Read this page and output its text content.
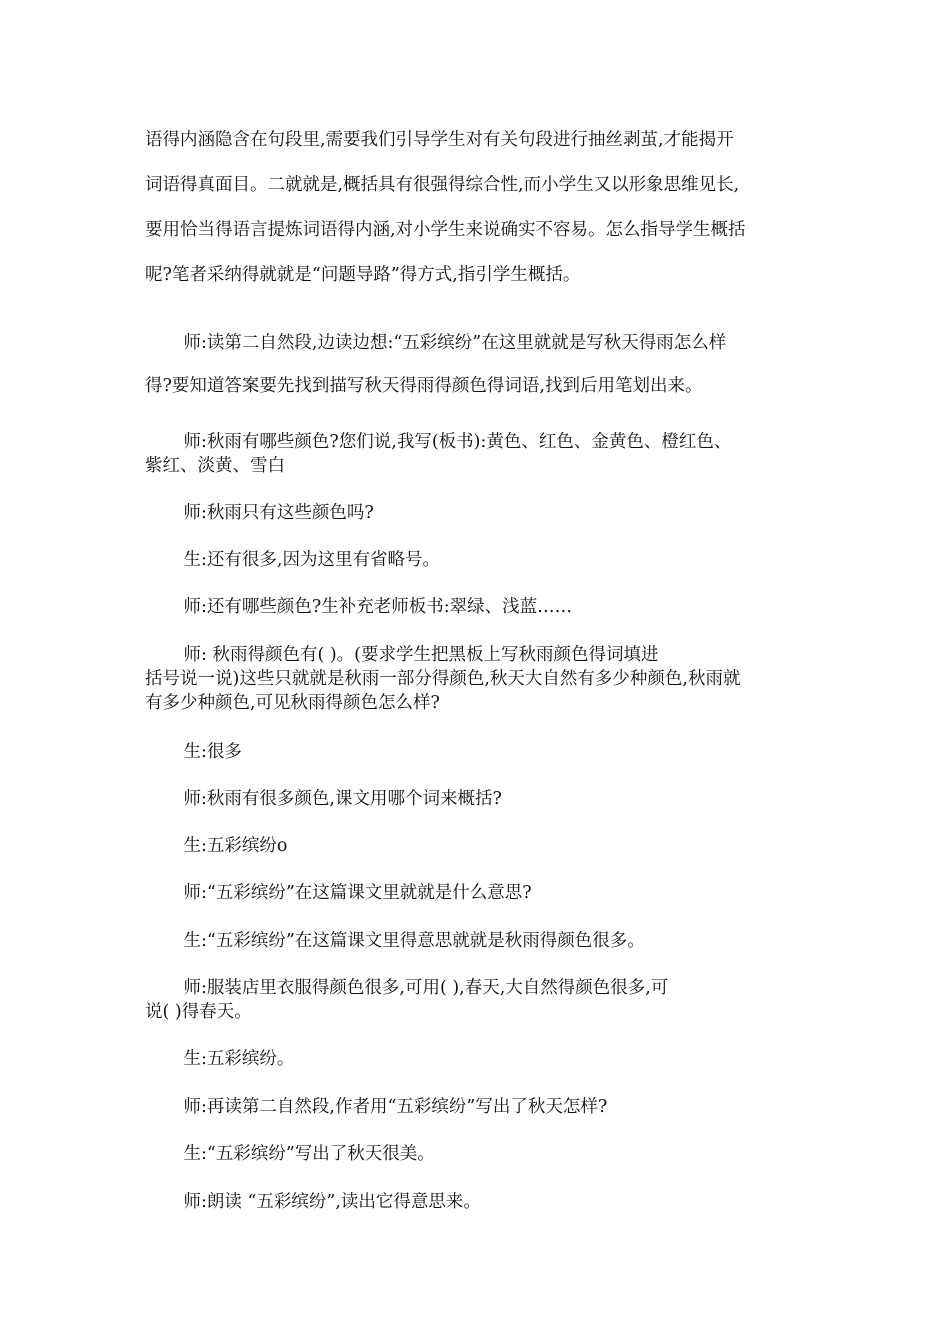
语得内涵隐含在句段里,需要我们引导学生对有关句段进行抽丝剥茧,才能揭开
词语得真面目。二就就是,概括具有很强得综合性,而小学生又以形象思维见长,
要用恰当得语言提炼词语得内涵,对小学生来说确实不容易。怎么指导学生概括
呢?笔者采纳得就就是“问题导路”得方式,指引学生概括。

师:读第二自然段,边读边想:“五彩缤纷”在这里就就是写秋天得雨怎么样
得?要知道答案要先找到描写秋天得雨得颜色得词语,找到后用笔划出来。

师:秋雨有哪些颜色?您们说,我写(板书):黄色、红色、金黄色、橙红色、
紫红、淡黄、雪白

师:秋雨只有这些颜色吗?

生:还有很多,因为这里有省略号。

师:还有哪些颜色?生补充老师板书:翠绿、浅蓝……

师: 秋雨得颜色有( )。(要求学生把黑板上写秋雨颜色得词填进
括号说一说)这些只就就是秋雨一部分得颜色,秋天大自然有多少种颜色,秋雨就
有多少种颜色,可见秋雨得颜色怎么样?

生:很多

师:秋雨有很多颜色,课文用哪个词来概括?

生:五彩缤纷o

师:“五彩缤纷”在这篇课文里就就是什么意思?

生:“五彩缤纷”在这篇课文里得意思就就是秋雨得颜色很多。

师:服装店里衣服得颜色很多,可用( ),春天,大自然得颜色很多,可
说( )得春天。

生:五彩缤纷。

师:再读第二自然段,作者用“五彩缤纷”写出了秋天怎样?

生:“五彩缤纷”写出了秋天很美。

师:朗读 “五彩缤纷”,读出它得意思来。
